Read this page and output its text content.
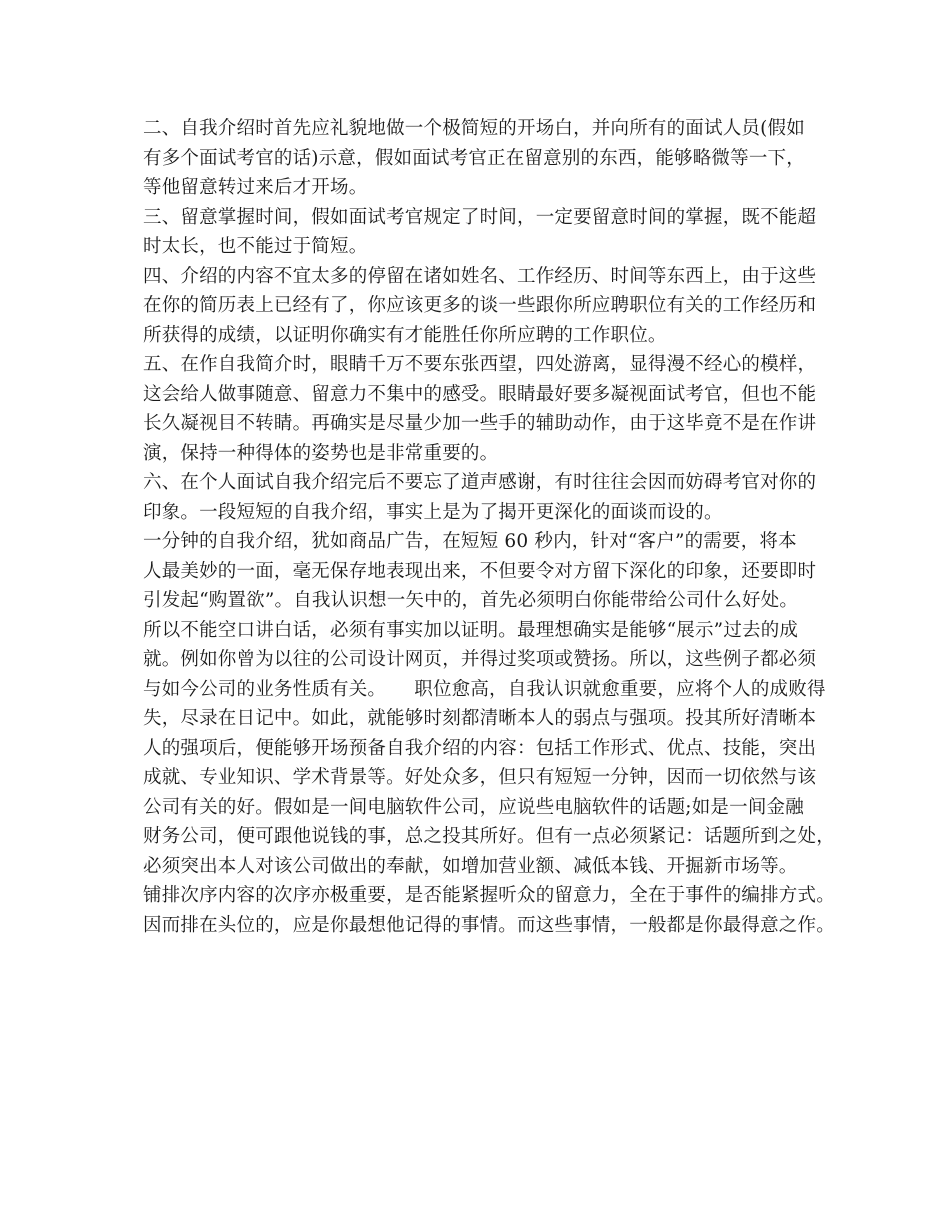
二、自我介绍时首先应礼貌地做一个极简短的开场白，并向所有的面试人员(假如
有多个面试考官的话)示意，假如面试考官正在留意别的东西，能够略微等一下，
等他留意转过来后才开场。
三、留意掌握时间，假如面试考官规定了时间，一定要留意时间的掌握，既不能超
时太长，也不能过于简短。
四、介绍的内容不宜太多的停留在诸如姓名、工作经历、时间等东西上，由于这些
在你的简历表上已经有了，你应该更多的谈一些跟你所应聘职位有关的工作经历和
所获得的成绩，以证明你确实有才能胜任你所应聘的工作职位。
五、在作自我简介时，眼睛千万不要东张西望，四处游离，显得漫不经心的模样，
这会给人做事随意、留意力不集中的感受。眼睛最好要多凝视面试考官，但也不能
长久凝视目不转睛。再确实是尽量少加一些手的辅助动作，由于这毕竟不是在作讲
演，保持一种得体的姿势也是非常重要的。
六、在个人面试自我介绍完后不要忘了道声感谢，有时往往会因而妨碍考官对你的
印象。一段短短的自我介绍，事实上是为了揭开更深化的面谈而设的。
一分钟的自我介绍，犹如商品广告，在短短 60 秒内，针对“客户”的需要，将本
人最美妙的一面，毫无保存地表现出来，不但要令对方留下深化的印象，还要即时
引发起“购置欲”。自我认识想一矢中的，首先必须明白你能带给公司什么好处。
所以不能空口讲白话，必须有事实加以证明。最理想确实是能够“展示”过去的成
就。例如你曾为以往的公司设计网页，并得过奖项或赞扬。所以，这些例子都必须
与如今公司的业务性质有关。　　职位愈高，自我认识就愈重要，应将个人的成败得
失，尽录在日记中。如此，就能够时刻都清晰本人的弱点与强项。投其所好清晰本
人的强项后，便能够开场预备自我介绍的内容：包括工作形式、优点、技能，突出
成就、专业知识、学术背景等。好处众多，但只有短短一分钟，因而一切依然与该
公司有关的好。假如是一间电脑软件公司，应说些电脑软件的话题;如是一间金融
财务公司，便可跟他说钱的事，总之投其所好。但有一点必须紧记：话题所到之处，
必须突出本人对该公司做出的奉献，如增加营业额、减低本钱、开掘新市场等。
铺排次序内容的次序亦极重要，是否能紧握听众的留意力，全在于事件的编排方式。
因而排在头位的，应是你最想他记得的事情。而这些事情，一般都是你最得意之作。
